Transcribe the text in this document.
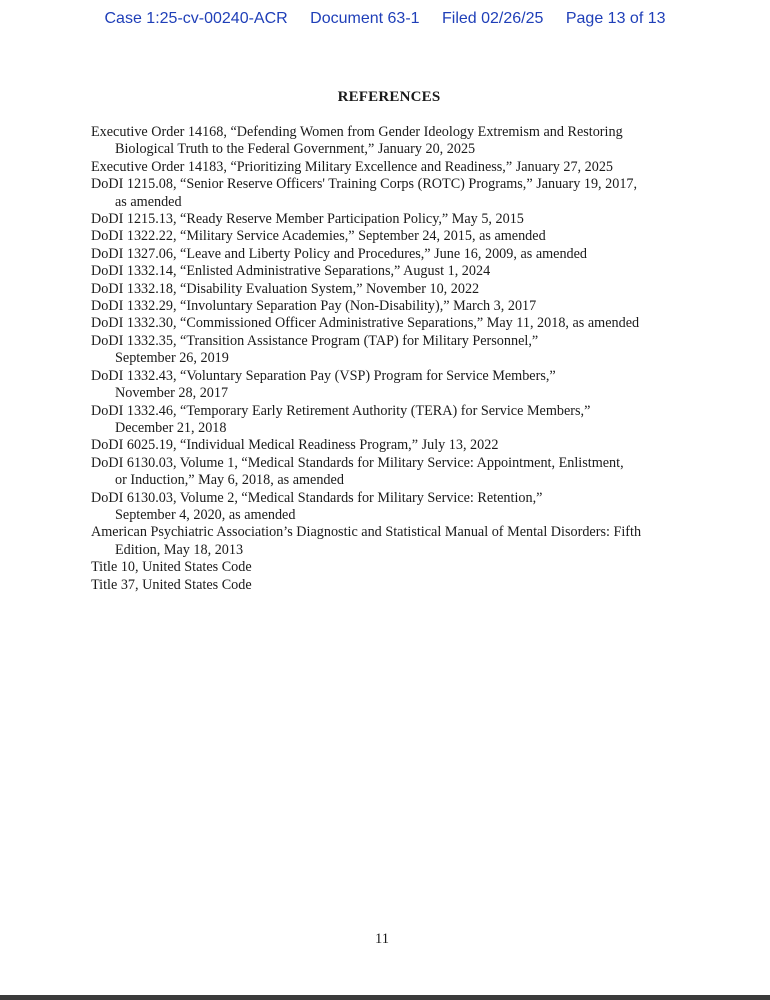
Case 1:25-cv-00240-ACR Document 63-1 Filed 02/26/25 Page 13 of 13
REFERENCES
Executive Order 14168, “Defending Women from Gender Ideology Extremism and Restoring
Biological Truth to the Federal Government,” January 20, 2025
Executive Order 14183, “Prioritizing Military Excellence and Readiness,” January 27, 2025
DoDI 1215.08, “Senior Reserve Officers' Training Corps (ROTC) Programs,” January 19, 2017,
as amended
DoDI 1215.13, “Ready Reserve Member Participation Policy,” May 5, 2015
DoDI 1322.22, “Military Service Academies,” September 24, 2015, as amended
DoDI 1327.06, “Leave and Liberty Policy and Procedures,” June 16, 2009, as amended
DoDI 1332.14, “Enlisted Administrative Separations,” August 1, 2024
DoDI 1332.18, “Disability Evaluation System,” November 10, 2022
DoDI 1332.29, “Involuntary Separation Pay (Non-Disability),” March 3, 2017
DoDI 1332.30, “Commissioned Officer Administrative Separations,” May 11, 2018, as amended
DoDI 1332.35, “Transition Assistance Program (TAP) for Military Personnel,”
September 26, 2019
DoDI 1332.43, “Voluntary Separation Pay (VSP) Program for Service Members,”
November 28, 2017
DoDI 1332.46, “Temporary Early Retirement Authority (TERA) for Service Members,”
December 21, 2018
DoDI 6025.19, “Individual Medical Readiness Program,” July 13, 2022
DoDI 6130.03, Volume 1, “Medical Standards for Military Service: Appointment, Enlistment,
or Induction,” May 6, 2018, as amended
DoDI 6130.03, Volume 2, “Medical Standards for Military Service: Retention,”
September 4, 2020, as amended
American Psychiatric Association’s Diagnostic and Statistical Manual of Mental Disorders: Fifth
Edition, May 18, 2013
Title 10, United States Code
Title 37, United States Code
11
